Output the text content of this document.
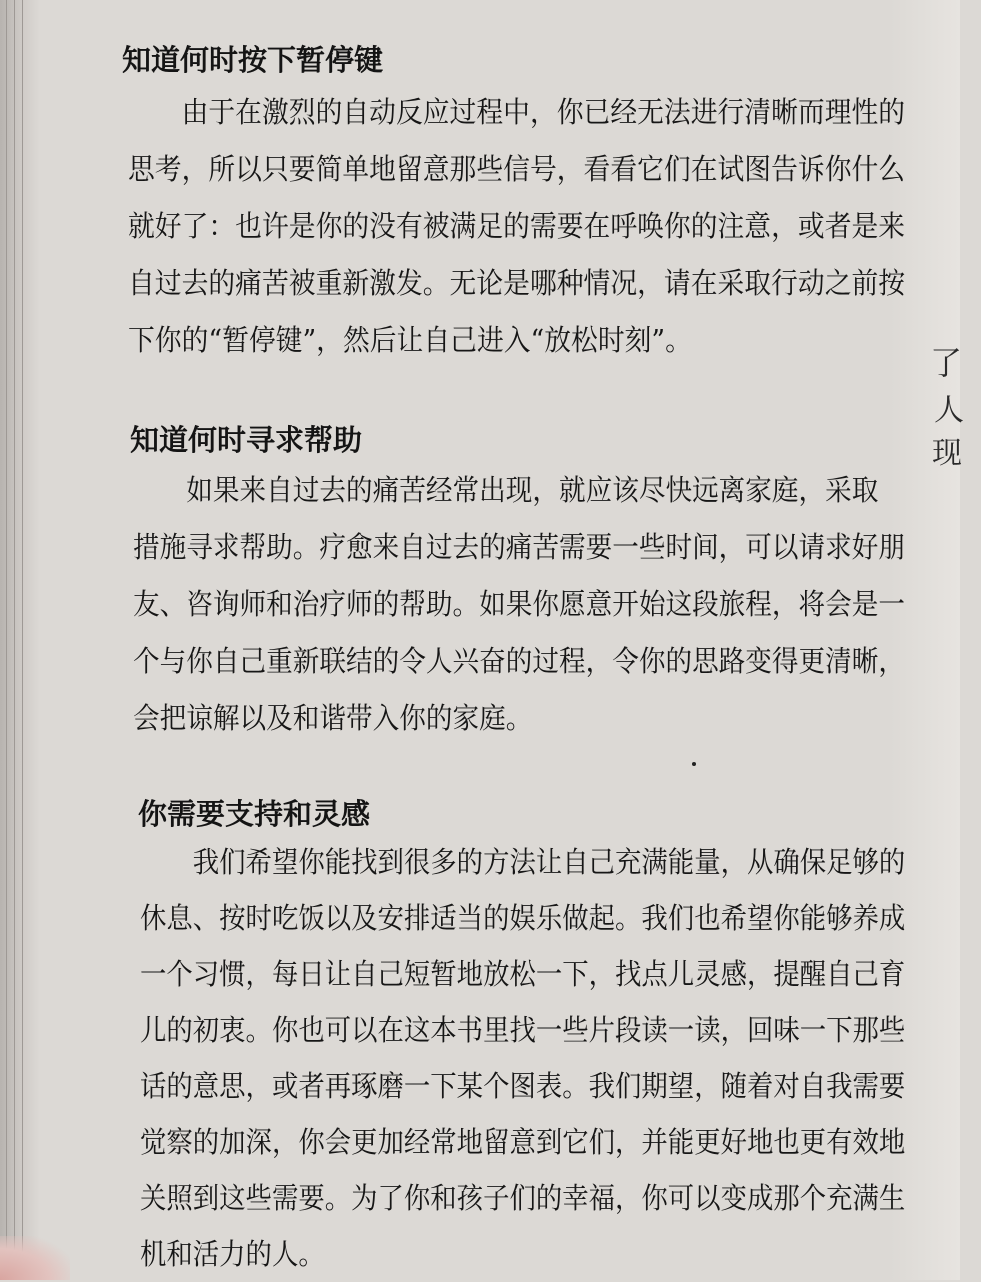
了
人
现
知道何时按下暂停键
由于在激烈的自动反应过程中，你已经无法进行清晰而理性的
思考，所以只要简单地留意那些信号，看看它们在试图告诉你什么
就好了：也许是你的没有被满足的需要在呼唤你的注意，或者是来
自过去的痛苦被重新激发。无论是哪种情况，请在采取行动之前按
下你的“暂停键”，然后让自己进入“放松时刻”。
知道何时寻求帮助
如果来自过去的痛苦经常出现，就应该尽快远离家庭，采取
措施寻求帮助。疗愈来自过去的痛苦需要一些时间，可以请求好朋
友、咨询师和治疗师的帮助。如果你愿意开始这段旅程，将会是一
个与你自己重新联结的令人兴奋的过程，令你的思路变得更清晰，
会把谅解以及和谐带入你的家庭。
你需要支持和灵感
我们希望你能找到很多的方法让自己充满能量，从确保足够的
休息、按时吃饭以及安排适当的娱乐做起。我们也希望你能够养成
一个习惯，每日让自己短暂地放松一下，找点儿灵感，提醒自己育
儿的初衷。你也可以在这本书里找一些片段读一读，回味一下那些
话的意思，或者再琢磨一下某个图表。我们期望，随着对自我需要
觉察的加深，你会更加经常地留意到它们，并能更好地也更有效地
关照到这些需要。为了你和孩子们的幸福，你可以变成那个充满生
机和活力的人。
